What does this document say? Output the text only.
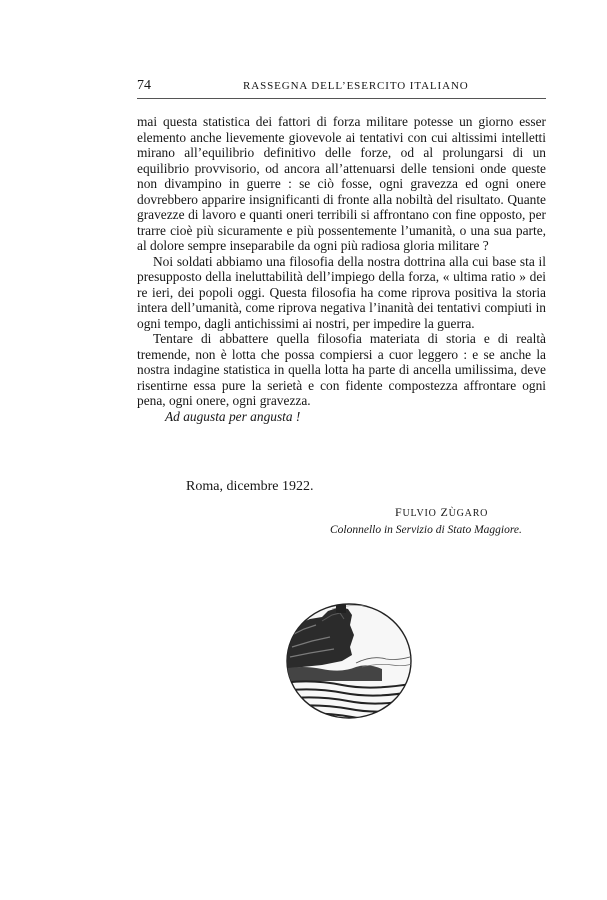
74	RASSEGNA DELL’ESERCITO ITALIANO

mai questa statistica dei fattori di forza militare potesse un giorno esser elemento anche lievemente giovevole ai tentativi con cui altissimi intelletti mirano all’equilibrio definitivo delle forze, od al prolungarsi di un equilibrio provvisorio, od ancora all’attenuarsi delle tensioni onde queste non divampino in guerre : se ciò fosse, ogni gravezza ed ogni onere dovrebbero apparire insignificanti di fronte alla nobiltà del risultato. Quante gravezze di lavoro e quanti oneri terribili si affrontano con fine opposto, per trarre cioè più sicuramente e più possentemente l’umanità, o una sua parte, al dolore sempre inseparabile da ogni più radiosa gloria militare ?

Noi soldati abbiamo una filosofia della nostra dottrina alla cui base sta il presupposto della ineluttabilità dell’impiego della forza, « ultima ratio » dei re ieri, dei popoli oggi. Questa filosofia ha come riprova positiva la storia intera dell’umanità, come riprova negativa l’inanità dei tentativi compiuti in ogni tempo, dagli antichissimi ai nostri, per impedire la guerra.

Tentare di abbattere quella filosofia materiata di storia e di realtà tremende, non è lotta che possa compiersi a cuor leggero : e se anche la nostra indagine statistica in quella lotta ha parte di ancella umilissima, deve risentirne essa pure la serietà e con fidente compostezza affrontare ogni pena, ogni onere, ogni gravezza.

Ad augusta per angusta !

Roma, dicembre 1922.
FULVIO ZÙGARO
Colonnello in Servizio di Stato Maggiore.
